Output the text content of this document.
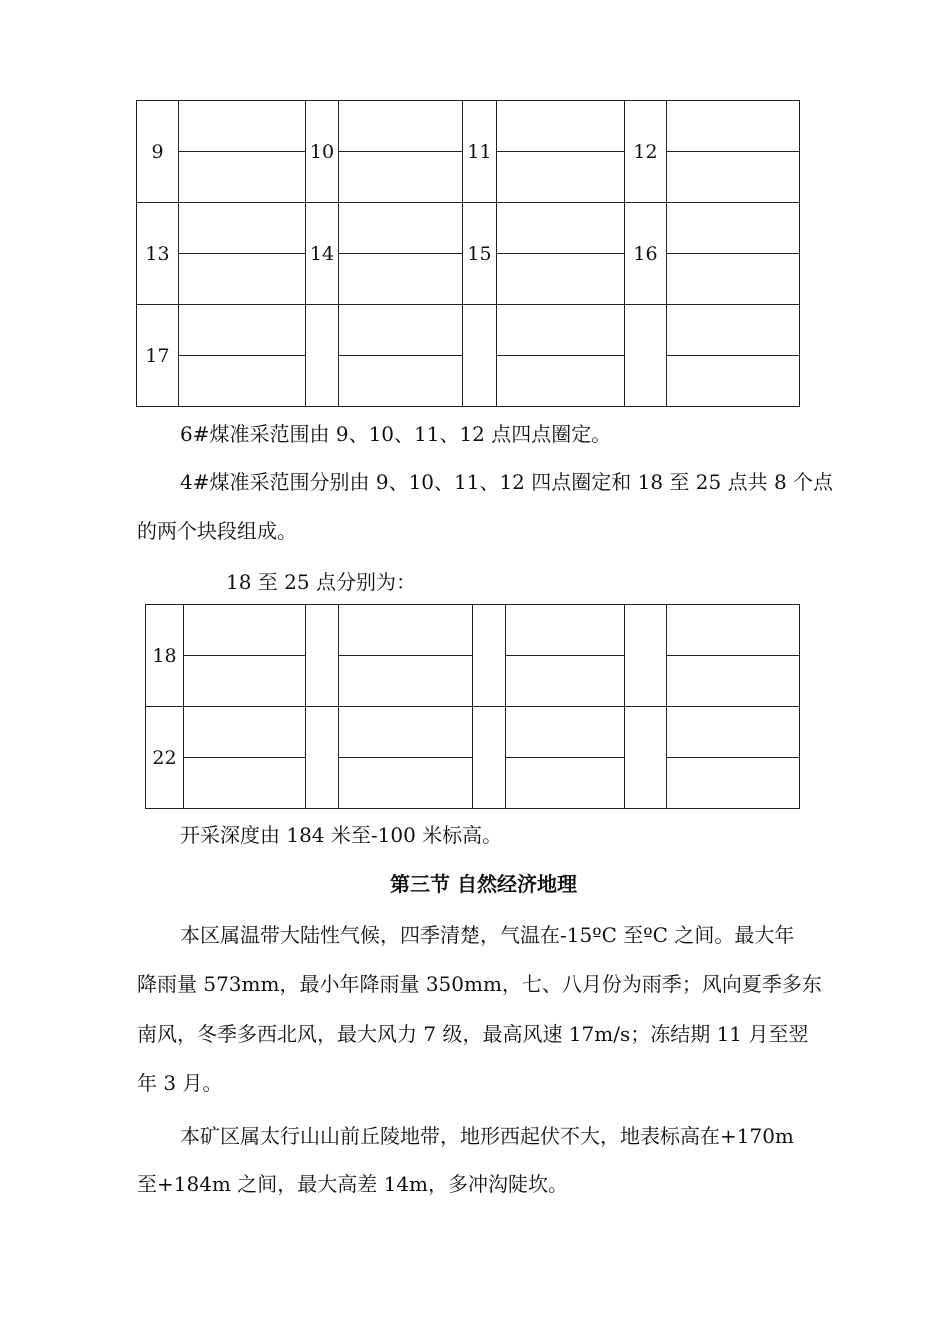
9		10		11		12	

13		14		15		16	

17							

6#煤准采范围由 9、10、11、12 点四点圈定。
4#煤准采范围分别由 9、10、11、12 四点圈定和 18 至 25 点共 8 个点
的两个块段组成。
18 至 25 点分别为：
18							

22							

开采深度由 184 米至-100 米标高。
第三节 自然经济地理
本区属温带大陆性气候，四季清楚，气温在-15ºC 至ºC 之间。最大年
降雨量 573mm，最小年降雨量 350mm，七、八月份为雨季；风向夏季多东
南风，冬季多西北风，最大风力 7 级，最高风速 17m/s；冻结期 11 月至翌
年 3 月。
本矿区属太行山山前丘陵地带，地形西起伏不大，地表标高在+170m
至+184m 之间，最大高差 14m，多冲沟陡坎。
